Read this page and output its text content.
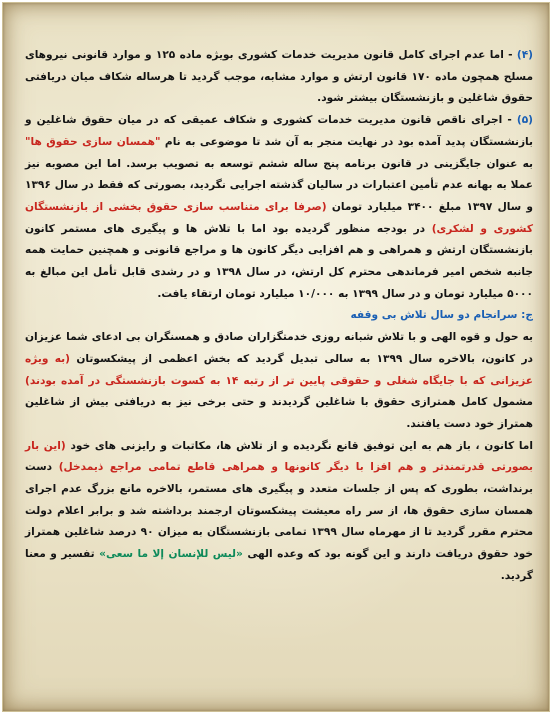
(۴) - اما عدم اجرای کامل قانون مدیریت خدمات کشوری بویژه ماده ۱۲۵ و موارد قانونی نیروهای مسلح همچون ماده ۱۷۰ قانون ارتش و موارد مشابه، موجب گردید تا هرساله شکاف میان دریافتی حقوق شاغلین و بازنشستگان بیشتر شود.

(۵) - اجرای ناقص قانون مدیریت خدمات کشوری و شکاف عمیقی که در میان حقوق شاغلین و بازنشستگان پدید آمده بود در نهایت منجر به آن شد تا موضوعی به نام "همسان سازی حقوق ها" به عنوان جایگزینی در قانون برنامه پنج ساله ششم توسعه به تصویب برسد. اما این مصوبه نیز عملا به بهانه عدم تأمین اعتبارات در سالیان گذشته اجرایی نگردید، بصورتی که فقط در سال ۱۳۹۶ و سال ۱۳۹۷ مبلغ ۳۴۰۰ میلیارد تومان (صرفا برای متناسب سازی حقوق بخشی از بازنشستگان کشوری و لشکری) در بودجه منظور گردیده بود اما با تلاش ها و پیگیری های مستمر کانون بازنشستگان ارتش و همراهی و هم افزایی دیگر کانون ها و مراجع قانونی و همچنین حمایت همه جانبه شخص امیر فرماندهی محترم کل ارتش، در سال ۱۳۹۸ و در رشدی قابل تأمل این مبالغ به ۵۰۰۰ میلیارد تومان و در سال ۱۳۹۹ به ۱۰/۰۰۰ میلیارد تومان ارتقاء یافت.

ج: سرانجام دو سال تلاش بی وقفه

به حول و قوه الهی و با تلاش شبانه روزی خدمتگزاران صادق و همسنگران بی ادعای شما عزیزان در کانون، بالاخره سال ۱۳۹۹ به سالی تبدیل گردید که بخش اعظمی از پیشکسوتان (به ویژه عزیزانی که با جایگاه شغلی و حقوقی پایین تر از رتبه ۱۴ به کسوت بازنشستگی در آمده بودند) مشمول کامل همترازی حقوق با شاغلین گردیدند و حتی برخی نیز به دریافتی بیش از شاغلین همتراز خود دست یافتند.

اما کانون ، باز هم به این توفیق قانع نگردیده و از تلاش ها، مکاتبات و رایزنی های خود (این بار بصورتی قدرتمندتر و هم افزا با دیگر کانونها و همراهی قاطع تمامی مراجع ذیمدخل) دست برنداشت، بطوری که پس از جلسات متعدد و پیگیری های مستمر، بالاخره مانع بزرگ عدم اجرای همسان سازی حقوق ها، از سر راه معیشت پیشکسوتان ارجمند برداشته شد و برابر اعلام دولت محترم مقرر گردید تا از مهرماه سال ۱۳۹۹ تمامی بازنشستگان به میزان ۹۰ درصد شاغلین همتراز خود حقوق دریافت دارند و این گونه بود که وعده الهی «لیس للإنسان إلا ما سعی» تفسیر و معنا گردید.
